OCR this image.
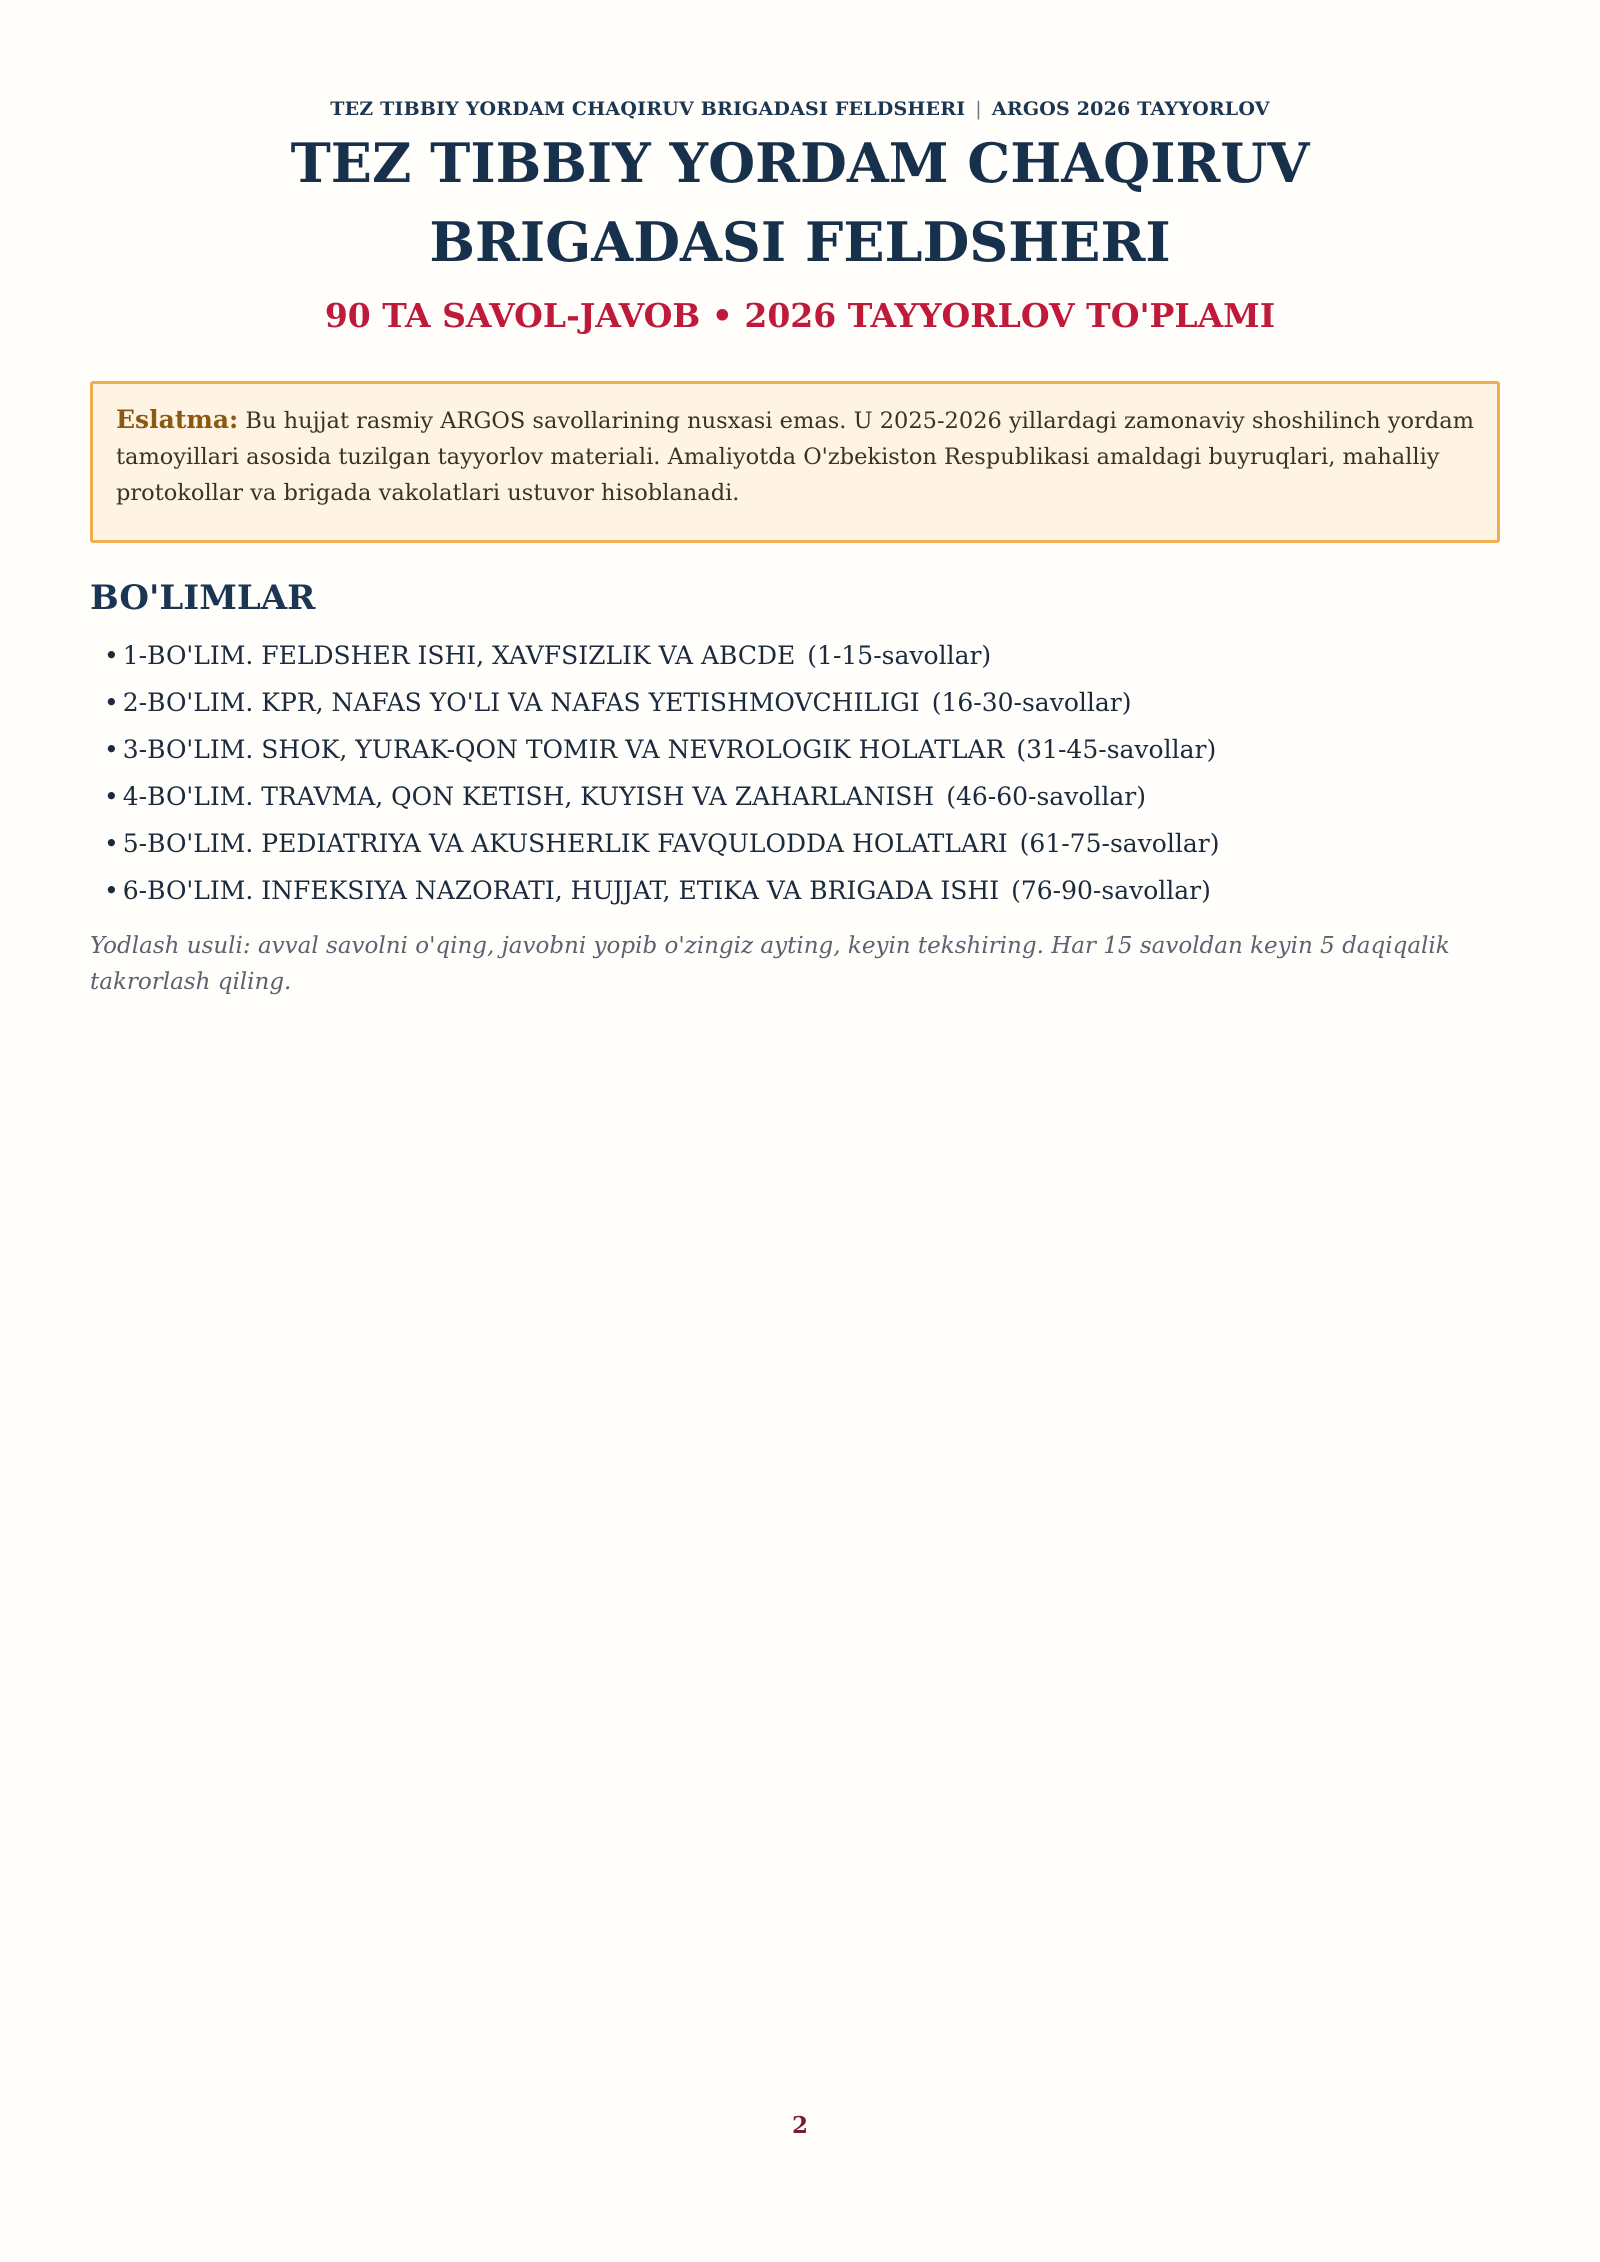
TEZ TIBBIY YORDAM CHAQIRUV BRIGADASI FELDSHERI | ARGOS 2026 TAYYORLOV
TEZ TIBBIY YORDAM CHAQIRUV BRIGADASI FELDSHERI
90 TA SAVOL-JAVOB • 2026 TAYYORLOV TO'PLAMI
Eslatma: Bu hujjat rasmiy ARGOS savollarining nusxasi emas. U 2025-2026 yillardagi zamonaviy shoshilinch yordam tamoyillari asosida tuzilgan tayyorlov materiali. Amaliyotda O'zbekiston Respublikasi amaldagi buyruqlari, mahalliy protokollar va brigada vakolatlari ustuvor hisoblanadi.
BO'LIMLAR
• 1-BO'LIM. FELDSHER ISHI, XAVFSIZLIK VA ABCDE (1-15-savollar)
• 2-BO'LIM. KPR, NAFAS YO'LI VA NAFAS YETISHMOVCHILIGI (16-30-savollar)
• 3-BO'LIM. SHOK, YURAK-QON TOMIR VA NEVROLOGIK HOLATLAR (31-45-savollar)
• 4-BO'LIM. TRAVMA, QON KETISH, KUYISH VA ZAHARLANISH (46-60-savollar)
• 5-BO'LIM. PEDIATRIYA VA AKUSHERLIK FAVQULODDA HOLATLARI (61-75-savollar)
• 6-BO'LIM. INFEKSIYA NAZORATI, HUJJAT, ETIKA VA BRIGADA ISHI (76-90-savollar)
Yodlash usuli: avval savolni o'qing, javobni yopib o'zingiz ayting, keyin tekshiring. Har 15 savoldan keyin 5 daqiqalik takrorlash qiling.
2
